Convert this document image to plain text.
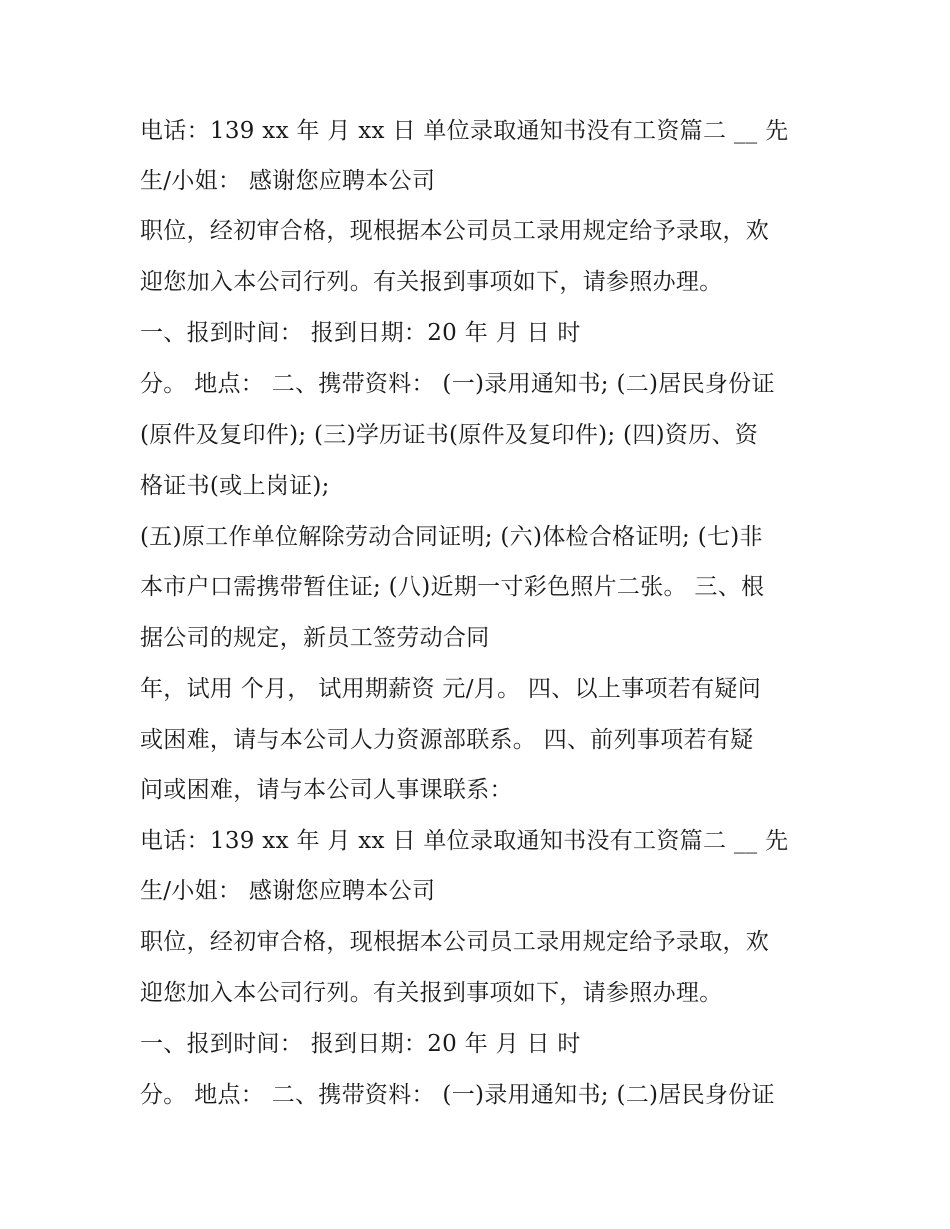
电话：139 xx 年 月 xx 日 单位录取通知书没有工资篇二 __ 先
生/小姐： 感谢您应聘本公司
职位，经初审合格，现根据本公司员工录用规定给予录取，欢
迎您加入本公司行列。有关报到事项如下，请参照办理。
一、报到时间： 报到日期：20 年 月 日 时
分。 地点： 二、携带资料： (一)录用通知书; (二)居民身份证
(原件及复印件); (三)学历证书(原件及复印件); (四)资历、资
格证书(或上岗证);
(五)原工作单位解除劳动合同证明; (六)体检合格证明; (七)非
本市户口需携带暂住证; (八)近期一寸彩色照片二张。 三、根
据公司的规定，新员工签劳动合同
年，试用 个月， 试用期薪资 元/月。 四、以上事项若有疑问
或困难，请与本公司人力资源部联系。 四、前列事项若有疑
问或困难，请与本公司人事课联系：
电话：139 xx 年 月 xx 日 单位录取通知书没有工资篇二 __ 先
生/小姐： 感谢您应聘本公司
职位，经初审合格，现根据本公司员工录用规定给予录取，欢
迎您加入本公司行列。有关报到事项如下，请参照办理。
一、报到时间： 报到日期：20 年 月 日 时
分。 地点： 二、携带资料： (一)录用通知书; (二)居民身份证
